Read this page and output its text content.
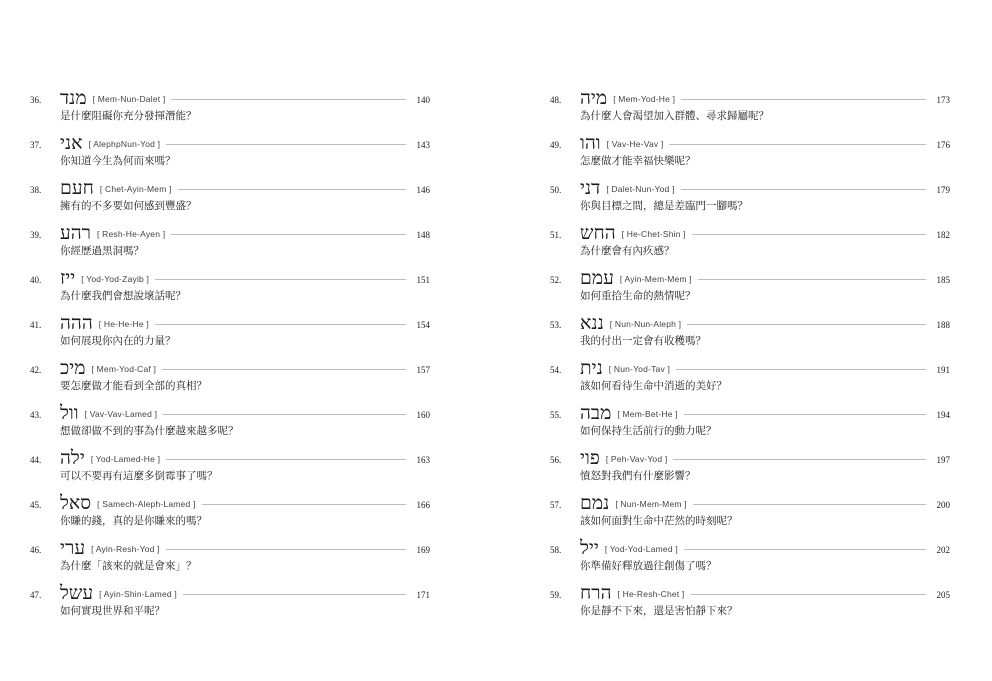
36. מנד [ Mem-Nun-Dalet ]	140
是什麼阻礙你充分發揮潛能？
37. אני [ AlephpNun-Yod ]	143
你知道今生為何而來嗎？
38. חעם [ Chet-Ayin-Mem ]	146
擁有的不多要如何感到豐盛？
39. רהע [ Resh-He-Ayen ]	148
你經歷過黑洞嗎？
40. ייז [ Yod-Yod-Zayib ]	151
為什麼我們會想說壞話呢？
41. ההה [ He-He-He ]	154
如何展現你內在的力量？
42. מיכ [ Mem-Yod-Caf ]	157
要怎麼做才能看到全部的真相？
43. וול [ Vav-Vav-Lamed ]	160
想做卻做不到的事為什麼越來越多呢？
44. ילה [ Yod-Lamed-He ]	163
可以不要再有這麼多倒霉事了嗎？
45. סאל [ Samech-Aleph-Lamed ]	166
你賺的錢，真的是你賺來的嗎？
46. ערי [ Ayin-Resh-Yod ]	169
為什麼「該來的就是會來」？
47. עשל [ Ayin-Shin-Lamed ]	171
如何實現世界和平呢？
48. מיה [ Mem-Yod-He ]	173
為什麼人會渴望加入群體、尋求歸屬呢？
49. והו [ Vav-He-Vav ]	176
怎麼做才能幸福快樂呢？
50. דני [ Dalet-Nun-Yod ]	179
你與目標之間，總是差臨門一腳嗎？
51. החש [ He-Chet-Shin ]	182
為什麼會有內疚感？
52. עמם [ Ayin-Mem-Mem ]	185
如何重拾生命的熱情呢？
53. ננא [ Nun-Nun-Aleph ]	188
我的付出一定會有收穫嗎？
54. נית [ Nun-Yod-Tav ]	191
該如何看待生命中消逝的美好？
55. מבה [ Mem-Bet-He ]	194
如何保持生活前行的動力呢？
56. פוי [ Peh-Vav-Yod ]	197
憤怒對我們有什麼影響？
57. נמם [ Nun-Mem-Mem ]	200
該如何面對生命中茫然的時刻呢？
58. ייל [ Yod-Yod-Lamed ]	202
你準備好釋放過往創傷了嗎？
59. הרח [ He-Resh-Chet ]	205
你是靜不下來，還是害怕靜下來？
